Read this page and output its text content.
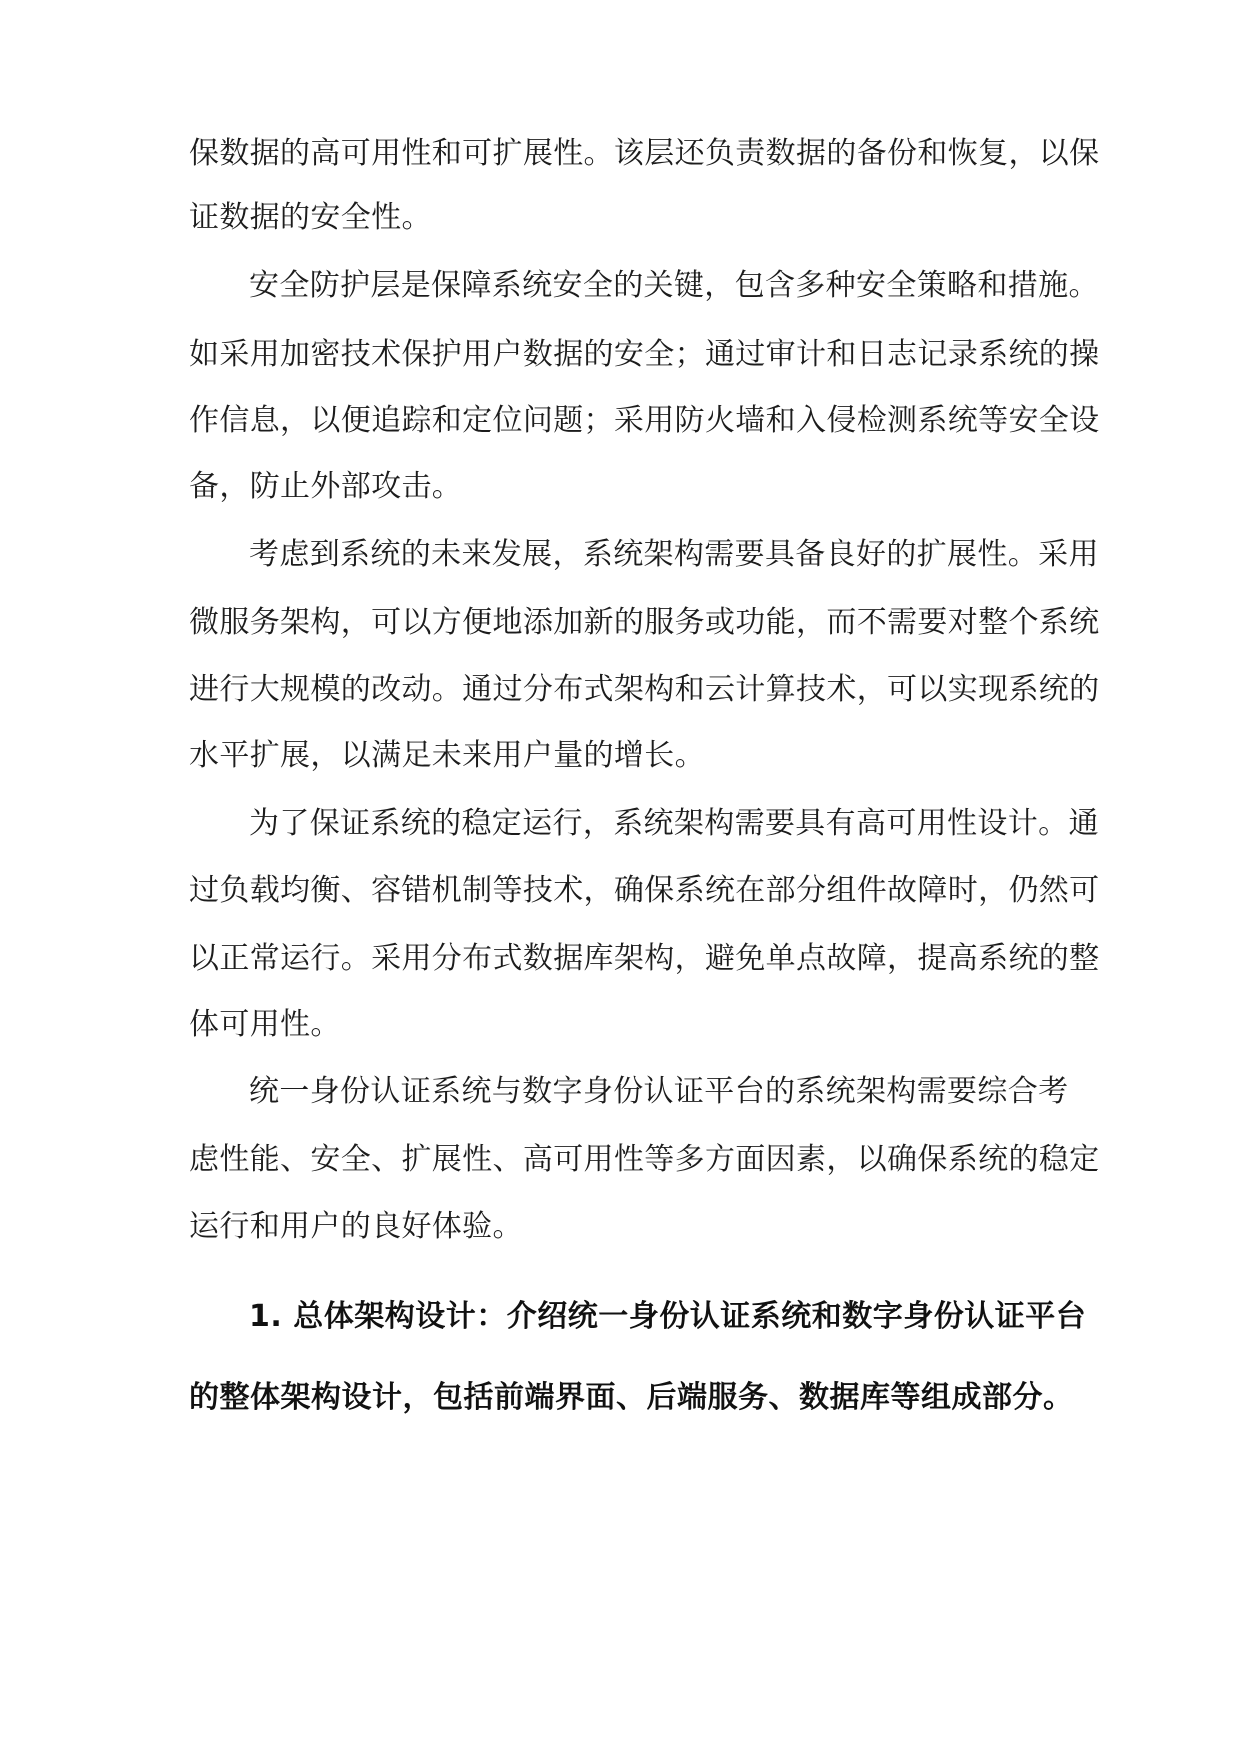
保数据的高可用性和可扩展性。该层还负责数据的备份和恢复，以保
证数据的安全性。
安全防护层是保障系统安全的关键，包含多种安全策略和措施。
如采用加密技术保护用户数据的安全；通过审计和日志记录系统的操
作信息，以便追踪和定位问题；采用防火墙和入侵检测系统等安全设
备，防止外部攻击。
考虑到系统的未来发展，系统架构需要具备良好的扩展性。采用
微服务架构，可以方便地添加新的服务或功能，而不需要对整个系统
进行大规模的改动。通过分布式架构和云计算技术，可以实现系统的
水平扩展，以满足未来用户量的增长。
为了保证系统的稳定运行，系统架构需要具有高可用性设计。通
过负载均衡、容错机制等技术，确保系统在部分组件故障时，仍然可
以正常运行。采用分布式数据库架构，避免单点故障，提高系统的整
体可用性。
统一身份认证系统与数字身份认证平台的系统架构需要综合考
虑性能、安全、扩展性、高可用性等多方面因素，以确保系统的稳定
运行和用户的良好体验。
1. 总体架构设计：介绍统一身份认证系统和数字身份认证平台
的整体架构设计，包括前端界面、后端服务、数据库等组成部分。
